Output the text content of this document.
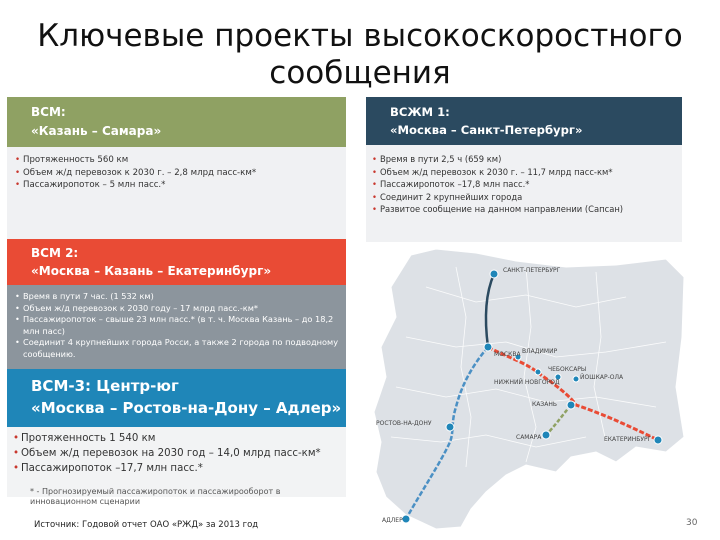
Ключевые проекты высокоскоростного сообщения
ВСМ:
«Казань – Самара»
• Протяженность 560 км
• Объем ж/д перевозок к 2030 г. – 2,8 млрд пасс-км*
• Пассажиропоток – 5 млн пасс.*
ВСМ 2:
«Москва – Казань – Екатеринбург»
• Время в пути 7 час. (1 532 км)
• Объем ж/д перевозок к 2030 году – 17 млрд пасс.-км*
• Пассажиропоток – свыше 23 млн пасс.* (в т. ч. Москва Казань – до 18,2 млн пасс)
• Соединит 4 крупнейших города Росси, а также 2 города по подводному сообщению.
ВСМ-3: Центр-юг
«Москва – Ростов-на-Дону – Адлер»
• Протяженность 1 540 км
• Объем ж/д перевозок на 2030 год – 14,0 млрд пасс-км*
• Пассажиропоток –17,7 млн пасс.*
ВСЖМ 1:
«Москва – Санкт-Петербург»
• Время в пути 2,5 ч (659 км)
• Объем ж/д перевозок к 2030 г. – 11,7 млрд пасс-км*
• Пассажиропоток –17,8 млн пасс.*
• Соединит 2 крупнейших города
• Развитое сообщение на данном направлении (Сапсан)
* - Прогнозируемый пассажиропоток и пассажирооборот в инновационном сценарии
САНКТ-ПЕТЕРБУРГ
МОСКВА ВЛАДИМИР
НИЖНИЙ НОВГОРОД
ЧЕБОКСАРЫ
ЙОШКАР-ОЛА
КАЗАНЬ
РОСТОВ-НА-ДОНУ
САМАРА	ЕКАТЕРИНБУРГ
АДЛЕР
Источник: Годовой отчет ОАО «РЖД» за 2013 год	30
